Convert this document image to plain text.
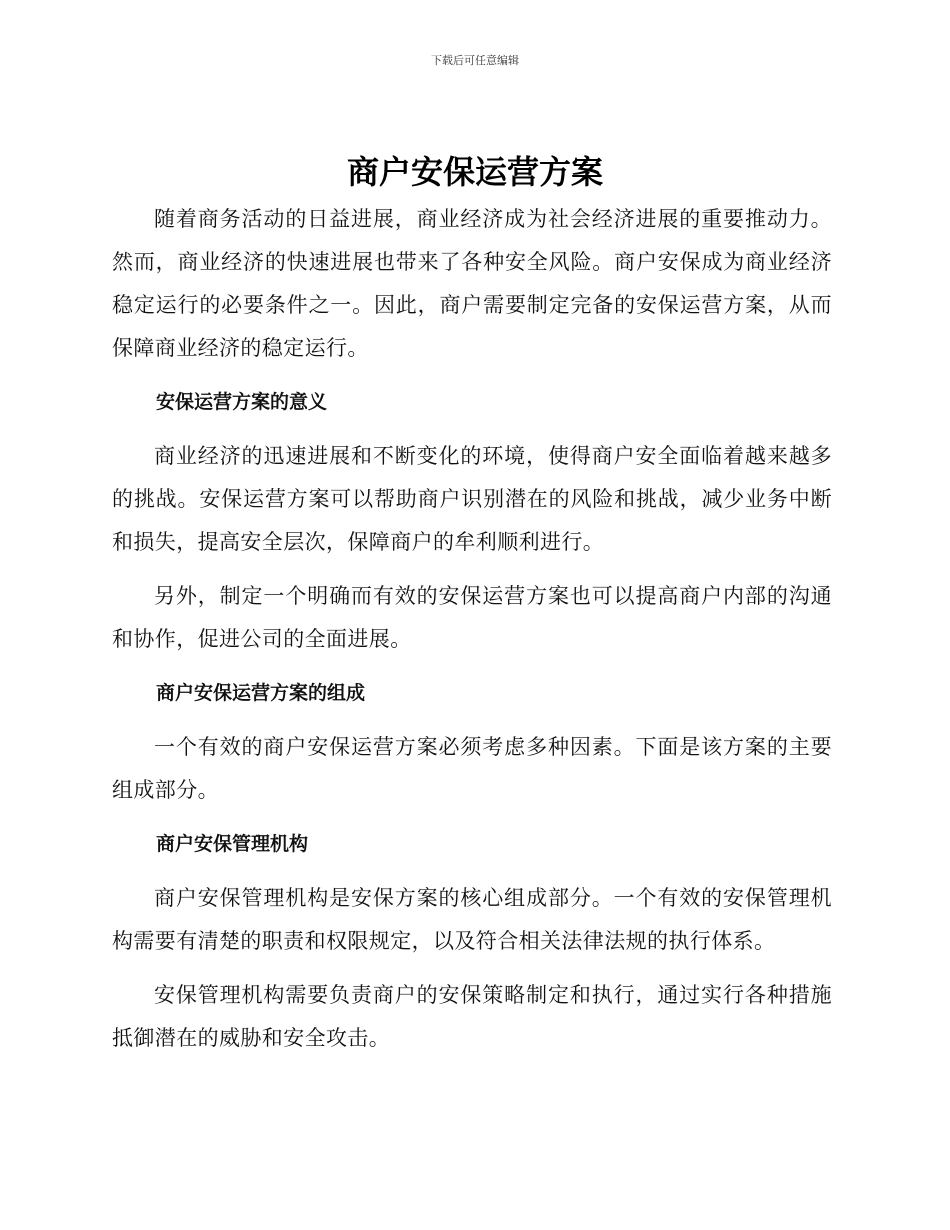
下载后可任意编辑
商户安保运营方案

随着商务活动的日益进展，商业经济成为社会经济进展的重要推动力。然而，商业经济的快速进展也带来了各种安全风险。商户安保成为商业经济稳定运行的必要条件之一。因此，商户需要制定完备的安保运营方案，从而保障商业经济的稳定运行。

安保运营方案的意义

商业经济的迅速进展和不断变化的环境，使得商户安全面临着越来越多的挑战。安保运营方案可以帮助商户识别潜在的风险和挑战，减少业务中断和损失，提高安全层次，保障商户的牟利顺利进行。

另外，制定一个明确而有效的安保运营方案也可以提高商户内部的沟通和协作，促进公司的全面进展。

商户安保运营方案的组成

一个有效的商户安保运营方案必须考虑多种因素。下面是该方案的主要组成部分。

商户安保管理机构

商户安保管理机构是安保方案的核心组成部分。一个有效的安保管理机构需要有清楚的职责和权限规定，以及符合相关法律法规的执行体系。

安保管理机构需要负责商户的安保策略制定和执行，通过实行各种措施抵御潜在的威胁和安全攻击。
